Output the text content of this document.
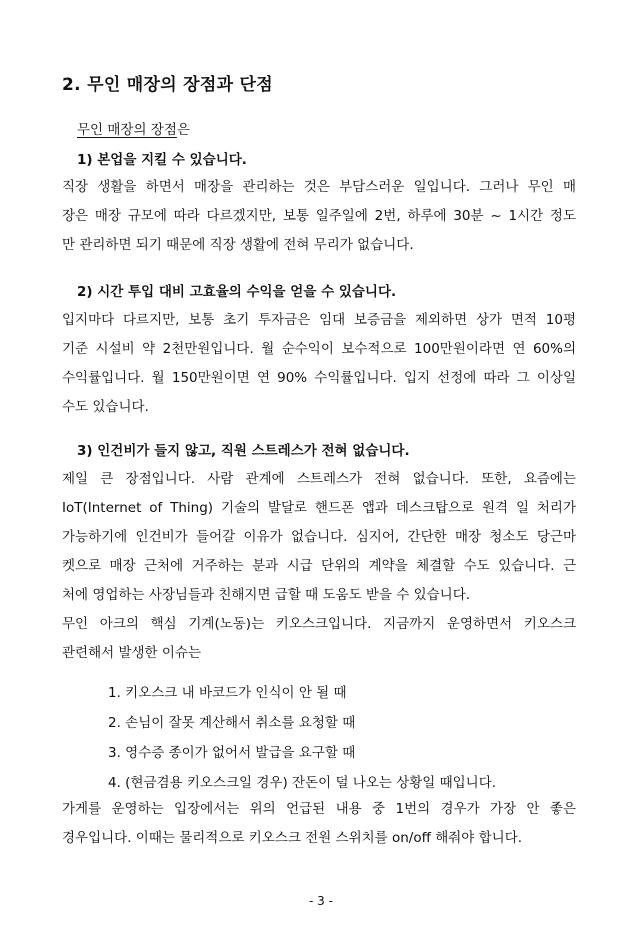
2. 무인 매장의 장점과 단점
무인 매장의 장점은
1) 본업을 지킬 수 있습니다.
직장 생활을 하면서 매장을 관리하는 것은 부담스러운 일입니다. 그러나 무인 매
장은 매장 규모에 따라 다르겠지만, 보통 일주일에 2번, 하루에 30분 ~ 1시간 정도
만 관리하면 되기 때문에 직장 생활에 전혀 무리가 없습니다.
2) 시간 투입 대비 고효율의 수익을 얻을 수 있습니다.
입지마다 다르지만, 보통 초기 투자금은 임대 보증금을 제외하면 상가 면적 10평
기준 시설비 약 2천만원입니다. 월 순수익이 보수적으로 100만원이라면 연 60%의
수익률입니다. 월 150만원이면 연 90% 수익률입니다. 입지 선정에 따라 그 이상일
수도 있습니다.
3) 인건비가 들지 않고, 직원 스트레스가 전혀 없습니다.
제일 큰 장점입니다. 사람 관계에 스트레스가 전혀 없습니다. 또한, 요즘에는
IoT(Internet of Thing) 기술의 발달로 핸드폰 앱과 데스크탑으로 원격 일 처리가
가능하기에 인건비가 들어갈 이유가 없습니다. 심지어, 간단한 매장 청소도 당근마
켓으로 매장 근처에 거주하는 분과 시급 단위의 계약을 체결할 수도 있습니다. 근
처에 영업하는 사장님들과 친해지면 급할 때 도움도 받을 수 있습니다.
무인 아크의 핵심 기계(노동)는 키오스크입니다. 지금까지 운영하면서 키오스크
관련해서 발생한 이슈는
1. 키오스크 내 바코드가 인식이 안 될 때
2. 손님이 잘못 계산해서 취소를 요청할 때
3. 영수증 종이가 없어서 발급을 요구할 때
4. (현금겸용 키오스크일 경우) 잔돈이 덜 나오는 상황일 때입니다.
가게를 운영하는 입장에서는 위의 언급된 내용 중 1번의 경우가 가장 안 좋은
경우입니다. 이때는 물리적으로 키오스크 전원 스위치를 on/off 해줘야 합니다.
- 3 -
